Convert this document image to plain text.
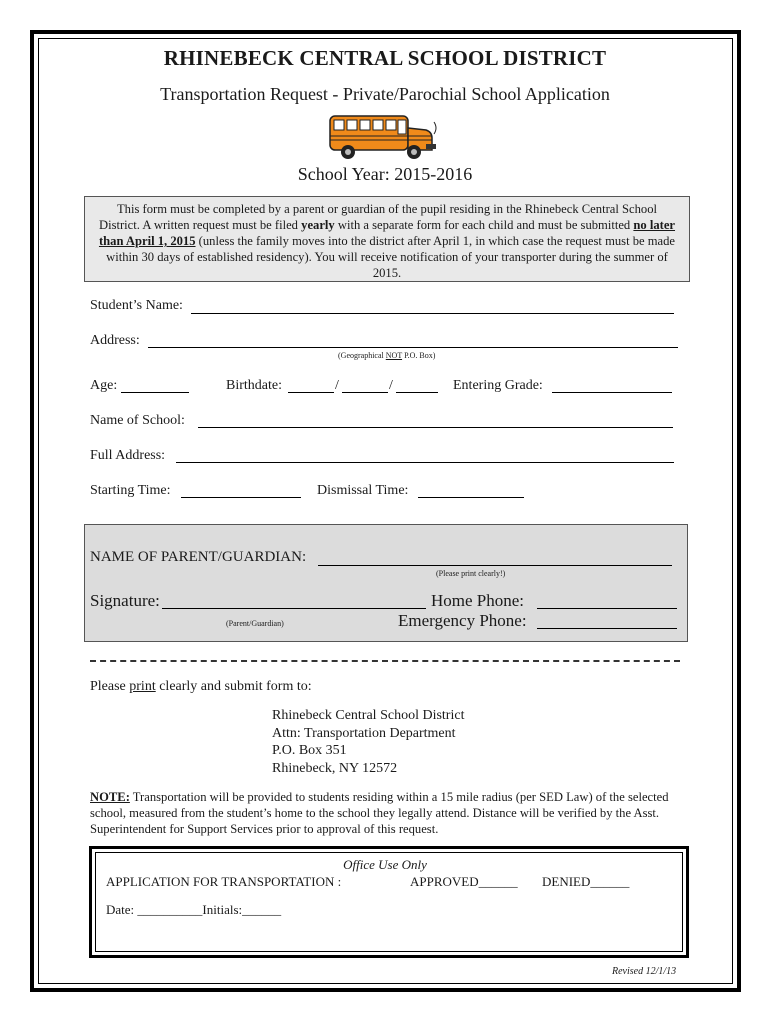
RHINEBECK CENTRAL SCHOOL DISTRICT
Transportation Request - Private/Parochial School Application
School Year: 2015-2016
This form must be completed by a parent or guardian of the pupil residing in the Rhinebeck Central School District. A written request must be filed yearly with a separate form for each child and must be submitted no later than April 1, 2015 (unless the family moves into the district after April 1, in which case the request must be made within 30 days of established residency). You will receive notification of your transporter during the summer of 2015.
Student’s Name:
Address:
(Geographical NOT P.O. Box)
Age:	Birthdate:	/	/	Entering Grade:
Name of School:
Full Address:
Starting Time:	Dismissal Time:
NAME OF PARENT/GUARDIAN:
(Please print clearly!)
Signature:
(Parent/Guardian)
Home Phone:
Emergency Phone:
Please print clearly and submit form to:
Rhinebeck Central School District
Attn: Transportation Department
P.O. Box 351
Rhinebeck, NY 12572
NOTE: Transportation will be provided to students residing within a 15 mile radius (per SED Law) of the selected school, measured from the student’s home to the school they legally attend. Distance will be verified by the Asst. Superintendent for Support Services prior to approval of this request.
Office Use Only
APPLICATION FOR TRANSPORTATION :	APPROVED______ DENIED______
Date: __________Initials:______
Revised 12/1/13
